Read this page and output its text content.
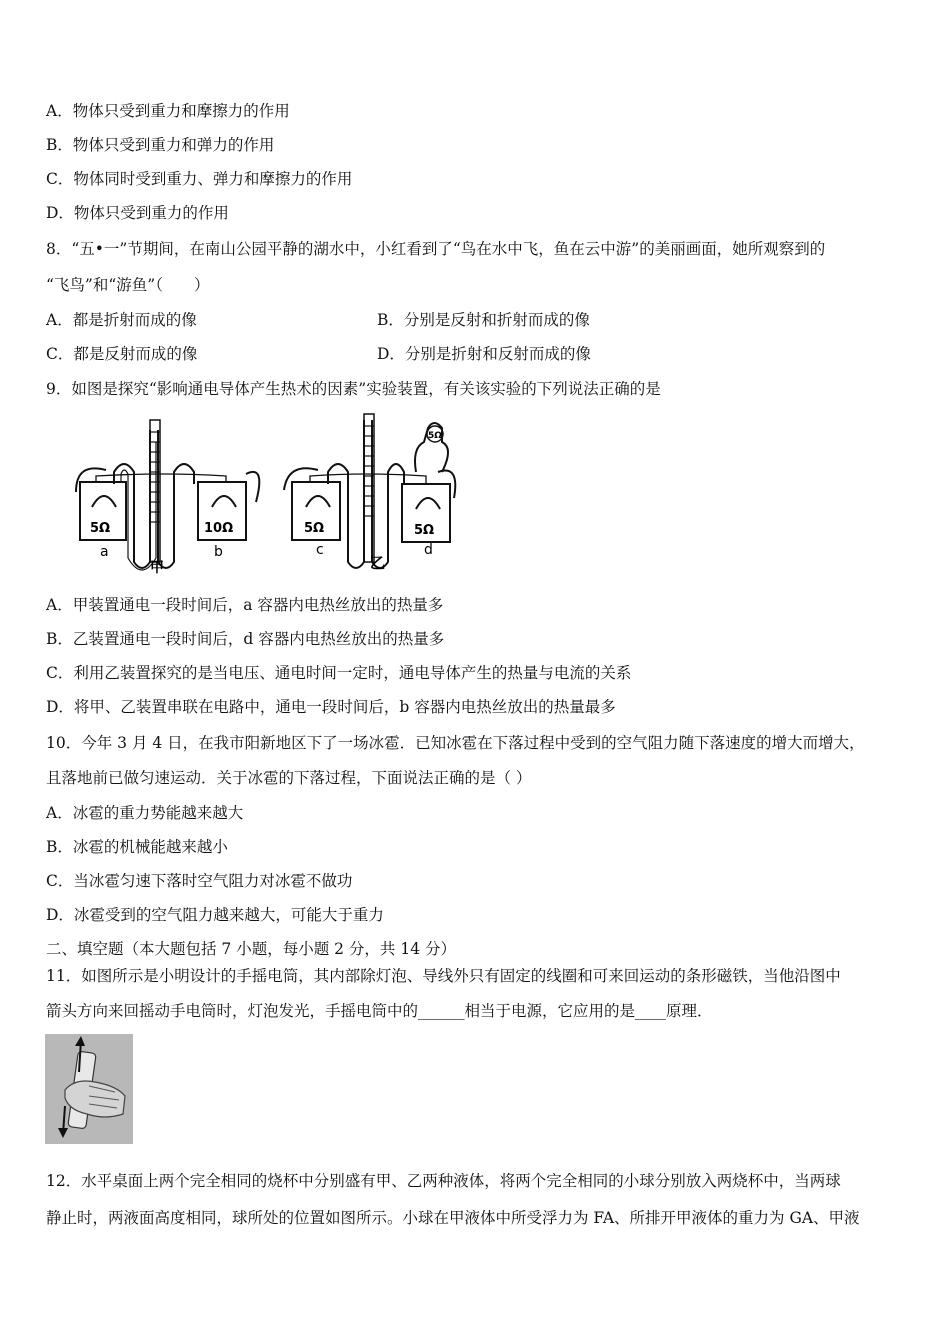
A．物体只受到重力和摩擦力的作用
B．物体只受到重力和弹力的作用
C．物体同时受到重力、弹力和摩擦力的作用
D．物体只受到重力的作用
8．“五•一”节期间，在南山公园平静的湖水中，小红看到了“鸟在水中飞，鱼在云中游”的美丽画面，她所观察到的
“飞鸟”和“游鱼”（　　）
A．都是折射而成的像	B．分别是反射和折射而成的像
C．都是反射而成的像	D．分别是折射和反射而成的像
9．如图是探究“影响通电导体产生热术的因素”实验装置，有关该实验的下列说法正确的是
5Ω	10Ω
a	b
甲
5Ω	5Ω
5Ω
c	d
乙
A．甲装置通电一段时间后，a 容器内电热丝放出的热量多
B．乙装置通电一段时间后，d 容器内电热丝放出的热量多
C．利用乙装置探究的是当电压、通电时间一定时，通电导体产生的热量与电流的关系
D．将甲、乙装置串联在电路中，通电一段时间后，b 容器内电热丝放出的热量最多
10．今年 3 月 4 日，在我市阳新地区下了一场冰雹．已知冰雹在下落过程中受到的空气阻力随下落速度的增大而增大，
且落地前已做匀速运动．关于冰雹的下落过程，下面说法正确的是（ ）
A．冰雹的重力势能越来越大
B．冰雹的机械能越来越小
C．当冰雹匀速下落时空气阻力对冰雹不做功
D．冰雹受到的空气阻力越来越大，可能大于重力
二、填空题（本大题包括 7 小题，每小题 2 分，共 14 分）
11．如图所示是小明设计的手摇电筒，其内部除灯泡、导线外只有固定的线圈和可来回运动的条形磁铁，当他沿图中
箭头方向来回摇动手电筒时，灯泡发光，手摇电筒中的______相当于电源，它应用的是____原理．
12．水平桌面上两个完全相同的烧杯中分别盛有甲、乙两种液体，将两个完全相同的小球分别放入两烧杯中，当两球
静止时，两液面高度相同，球所处的位置如图所示。小球在甲液体中所受浮力为 FA、所排开甲液体的重力为 GA、甲液
